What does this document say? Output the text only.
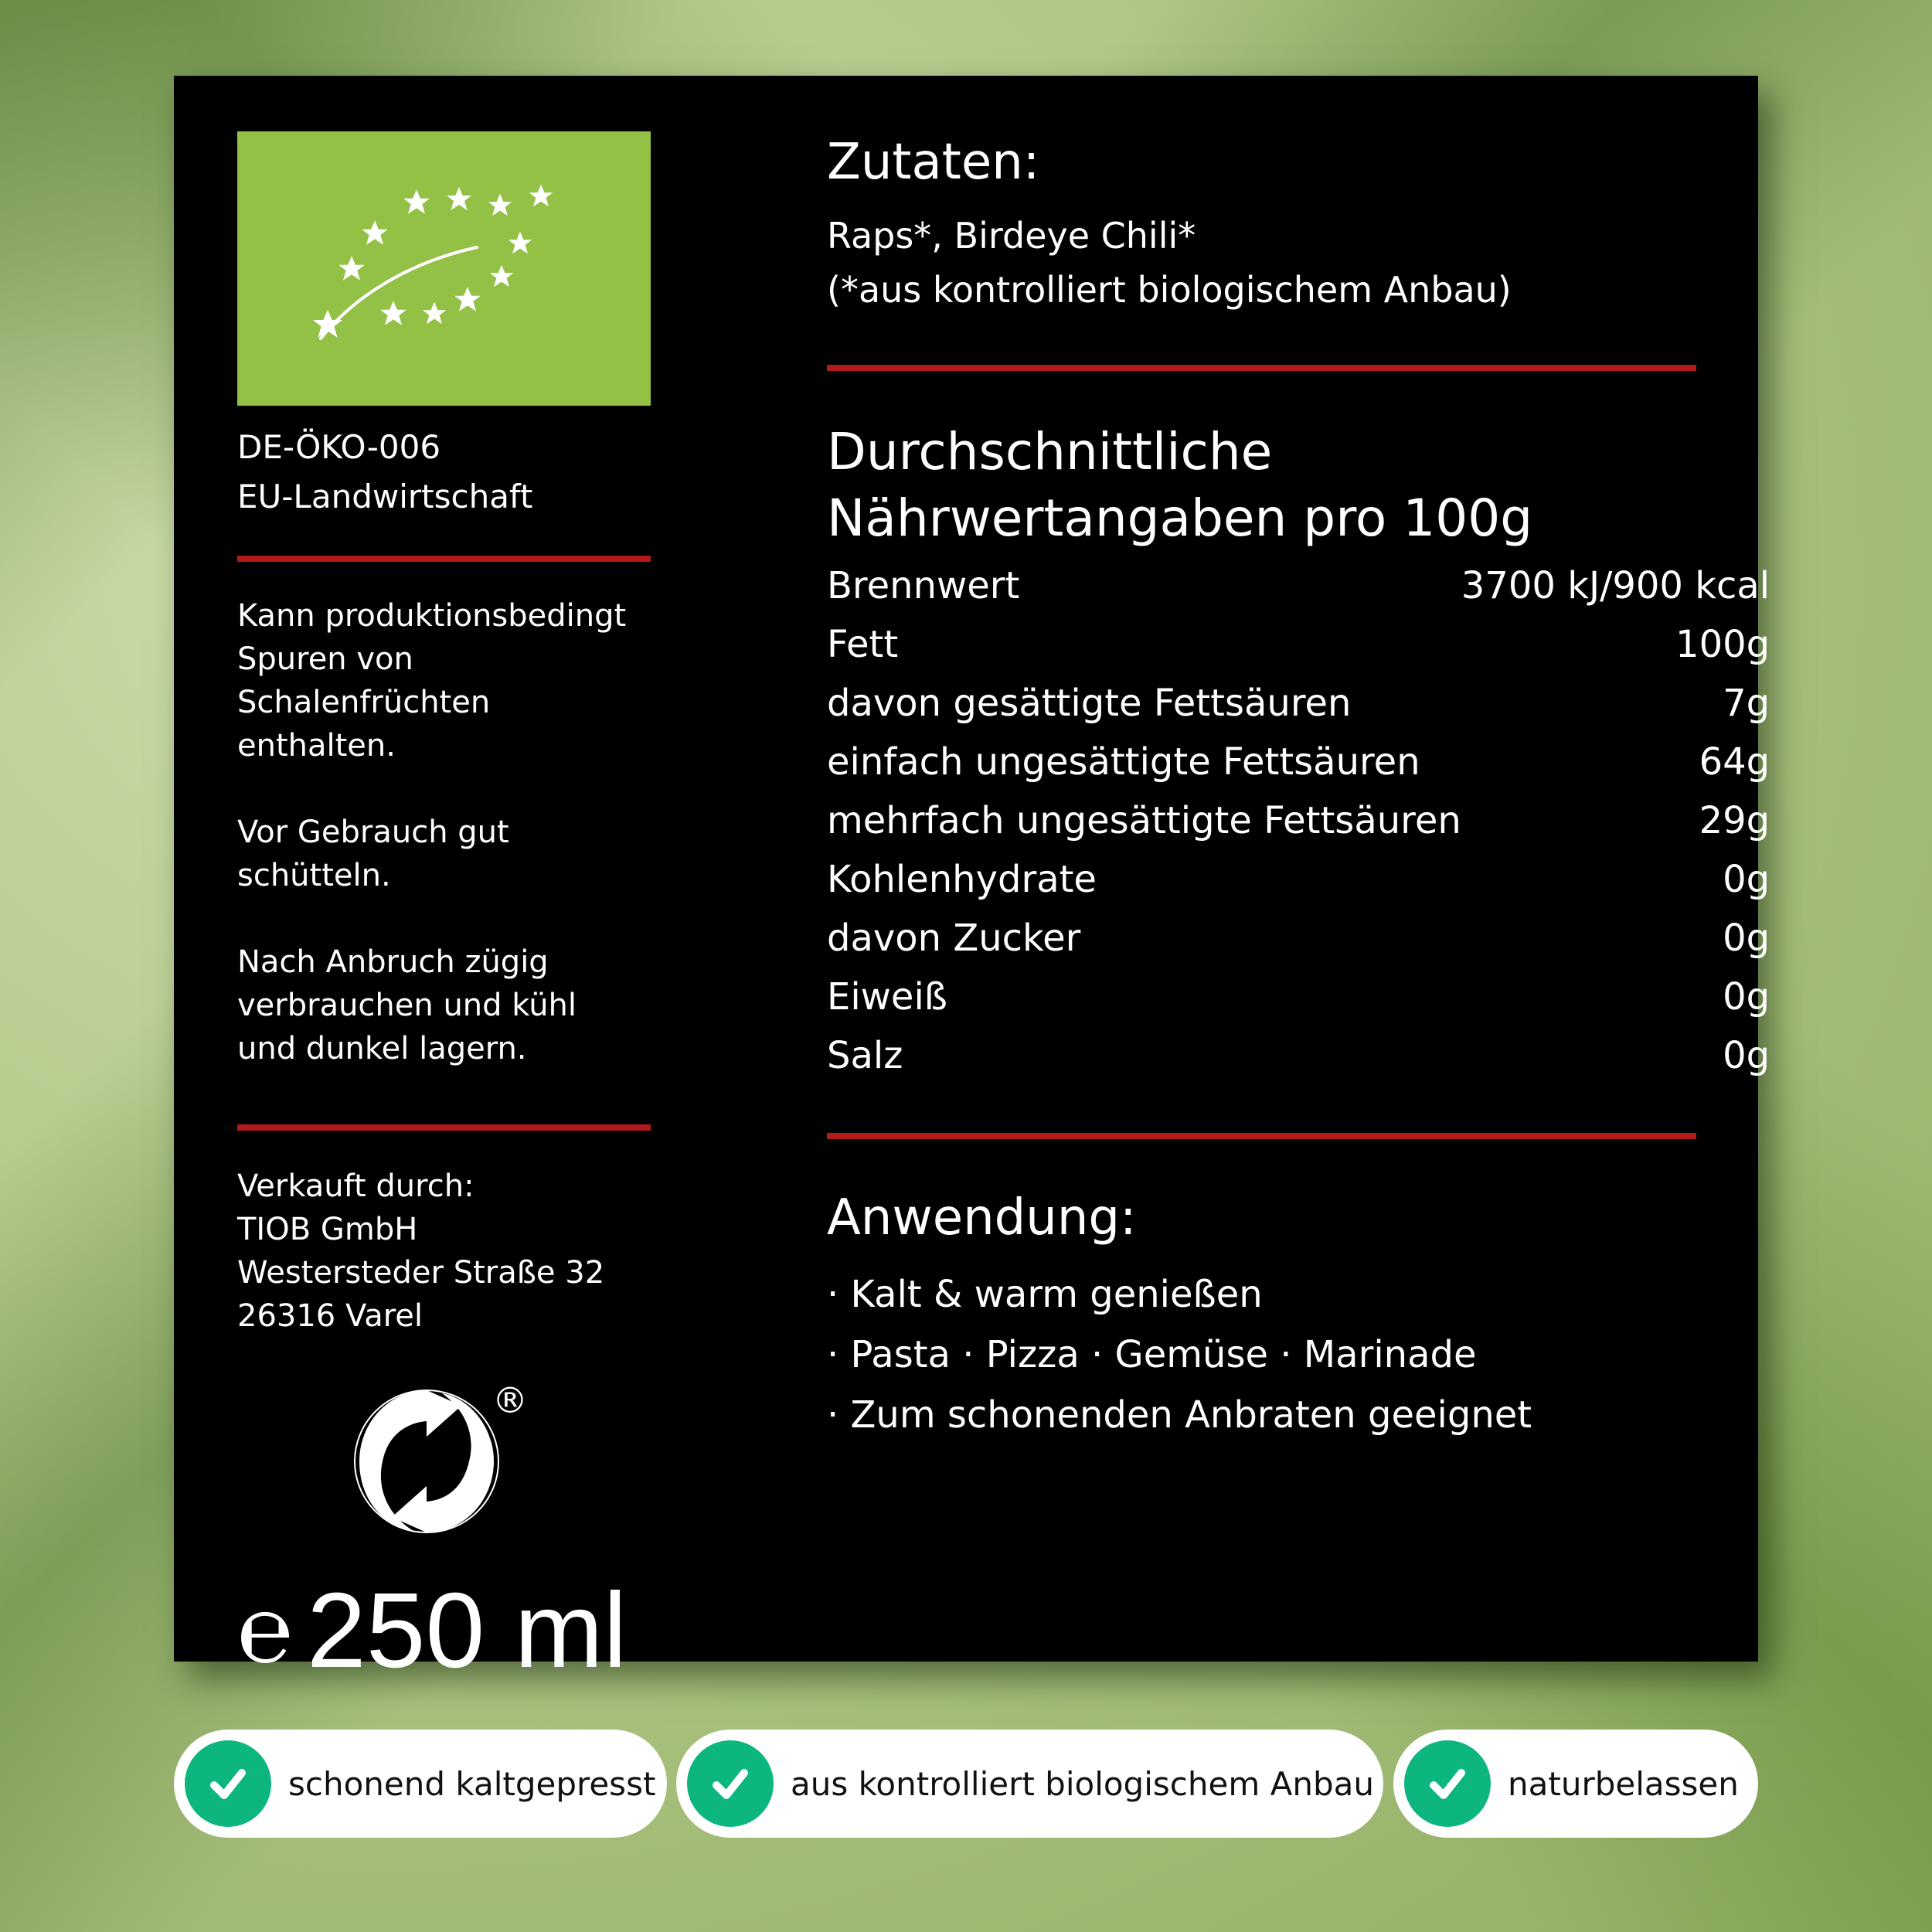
DE-ÖKO-006
EU-Landwirtschaft

Kann produktionsbedingt Spuren von Schalenfrüchten enthalten.

Vor Gebrauch gut schütteln.

Nach Anbruch zügig verbrauchen und kühl und dunkel lagern.

Verkauft durch:
TIOB GmbH
Westersteder Straße 32
26316 Varel
®
℮ 250 ml
Zutaten:
Raps*, Birdeye Chili*
(*aus kontrolliert biologischem Anbau)
Durchschnittliche
Nährwertangaben pro 100g
Brennwert	3700 kJ/900 kcal
Fett	100g
davon gesättigte Fettsäuren	7g
einfach ungesättigte Fettsäuren	64g
mehrfach ungesättigte Fettsäuren	29g
Kohlenhydrate	0g
davon Zucker	0g
Eiweiß	0g
Salz	0g
Anwendung:
· Kalt & warm genießen
· Pasta · Pizza · Gemüse · Marinade
· Zum schonenden Anbraten geeignet
schonend kaltgepresst	aus kontrolliert biologischem Anbau	naturbelassen
